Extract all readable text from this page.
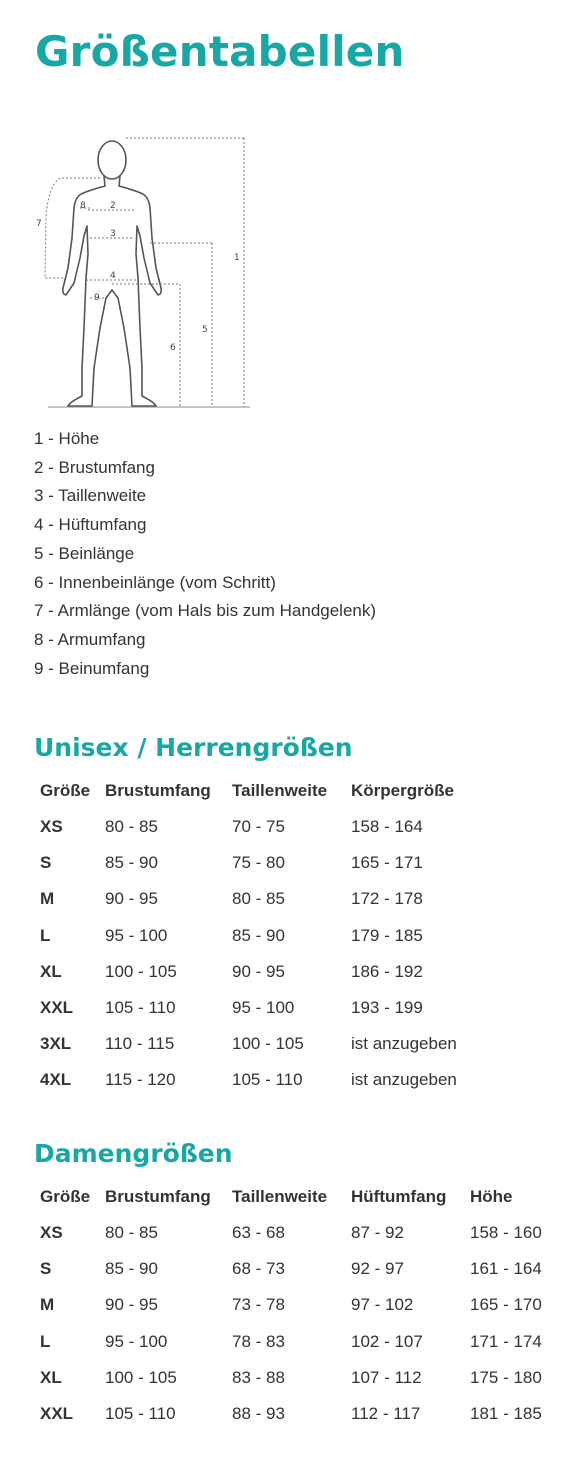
Größentabellen
1
2
3
4
5
6
7
8
9
1 - Höhe
2 - Brustumfang
3 - Taillenweite
4 - Hüftumfang
5 - Beinlänge
6 - Innenbeinlänge (vom Schritt)
7 - Armlänge (vom Hals bis zum Handgelenk)
8 - Armumfang
9 - Beinumfang
Unisex / Herrengrößen
Größe	Brustumfang	Taillenweite	Körpergröße
XS	80 - 85	70 - 75	158 - 164
S	85 - 90	75 - 80	165 - 171
M	90 - 95	80 - 85	172 - 178
L	95 - 100	85 - 90	179 - 185
XL	100 - 105	90 - 95	186 - 192
XXL	105 - 110	95 - 100	193 - 199
3XL	110 - 115	100 - 105	ist anzugeben
4XL	115 - 120	105 - 110	ist anzugeben
Damengrößen
Größe	Brustumfang	Taillenweite	Hüftumfang	Höhe
XS	80 - 85	63 - 68	87 - 92	158 - 160
S	85 - 90	68 - 73	92 - 97	161 - 164
M	90 - 95	73 - 78	97 - 102	165 - 170
L	95 - 100	78 - 83	102 - 107	171 - 174
XL	100 - 105	83 - 88	107 - 112	175 - 180
XXL	105 - 110	88 - 93	112 - 117	181 - 185
